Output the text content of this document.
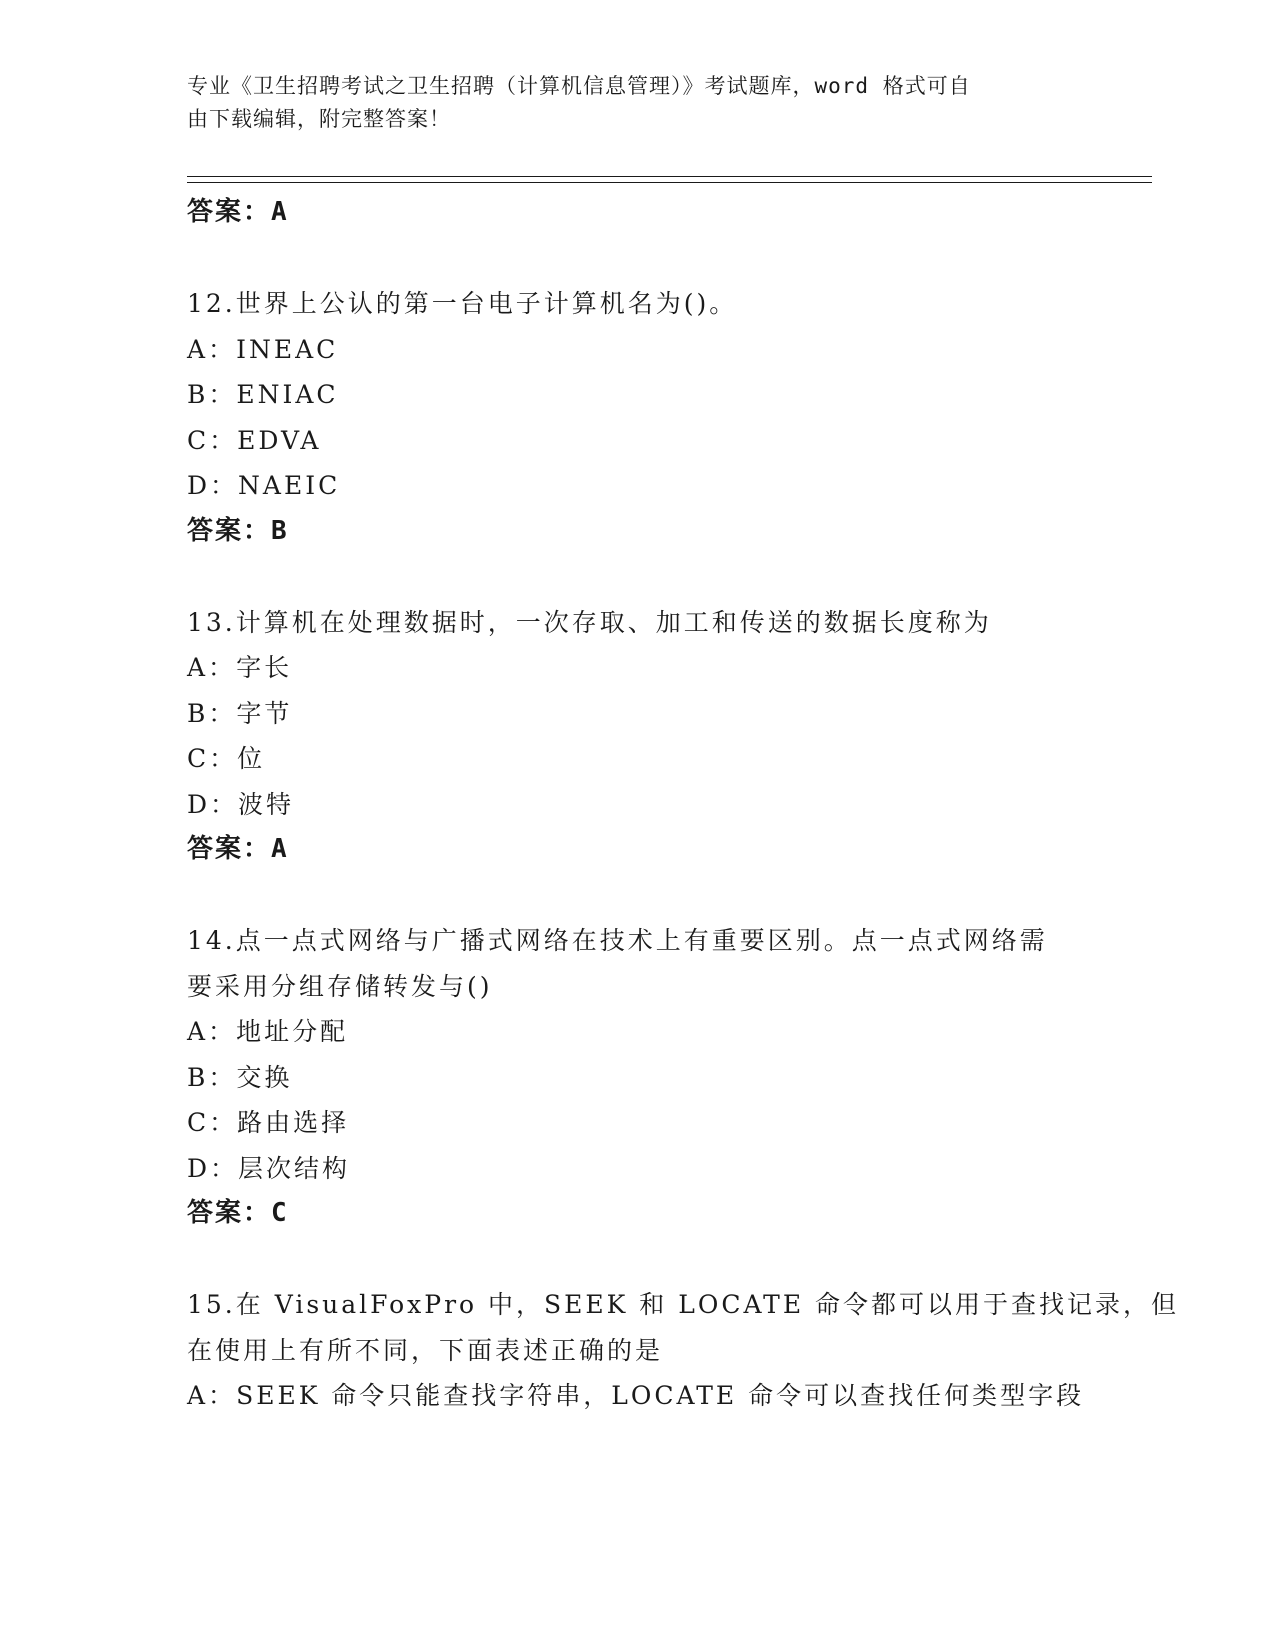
专业《卫生招聘考试之卫生招聘（计算机信息管理）》考试题库，word 格式可自
由下载编辑，附完整答案！
答案：A
12.世界上公认的第一台电子计算机名为()。
A：INEAC
B：ENIAC
C：EDVA
D：NAEIC
答案：B
13.计算机在处理数据时，一次存取、加工和传送的数据长度称为
A：字长
B：字节
C：位
D：波特
答案：A
14.点一点式网络与广播式网络在技术上有重要区别。点一点式网络需
要采用分组存储转发与()
A：地址分配
B：交换
C：路由选择
D：层次结构
答案：C
15.在 VisualFoxPro 中，SEEK 和 LOCATE 命令都可以用于查找记录，但
在使用上有所不同，下面表述正确的是
A：SEEK 命令只能查找字符串，LOCATE 命令可以查找任何类型字段
